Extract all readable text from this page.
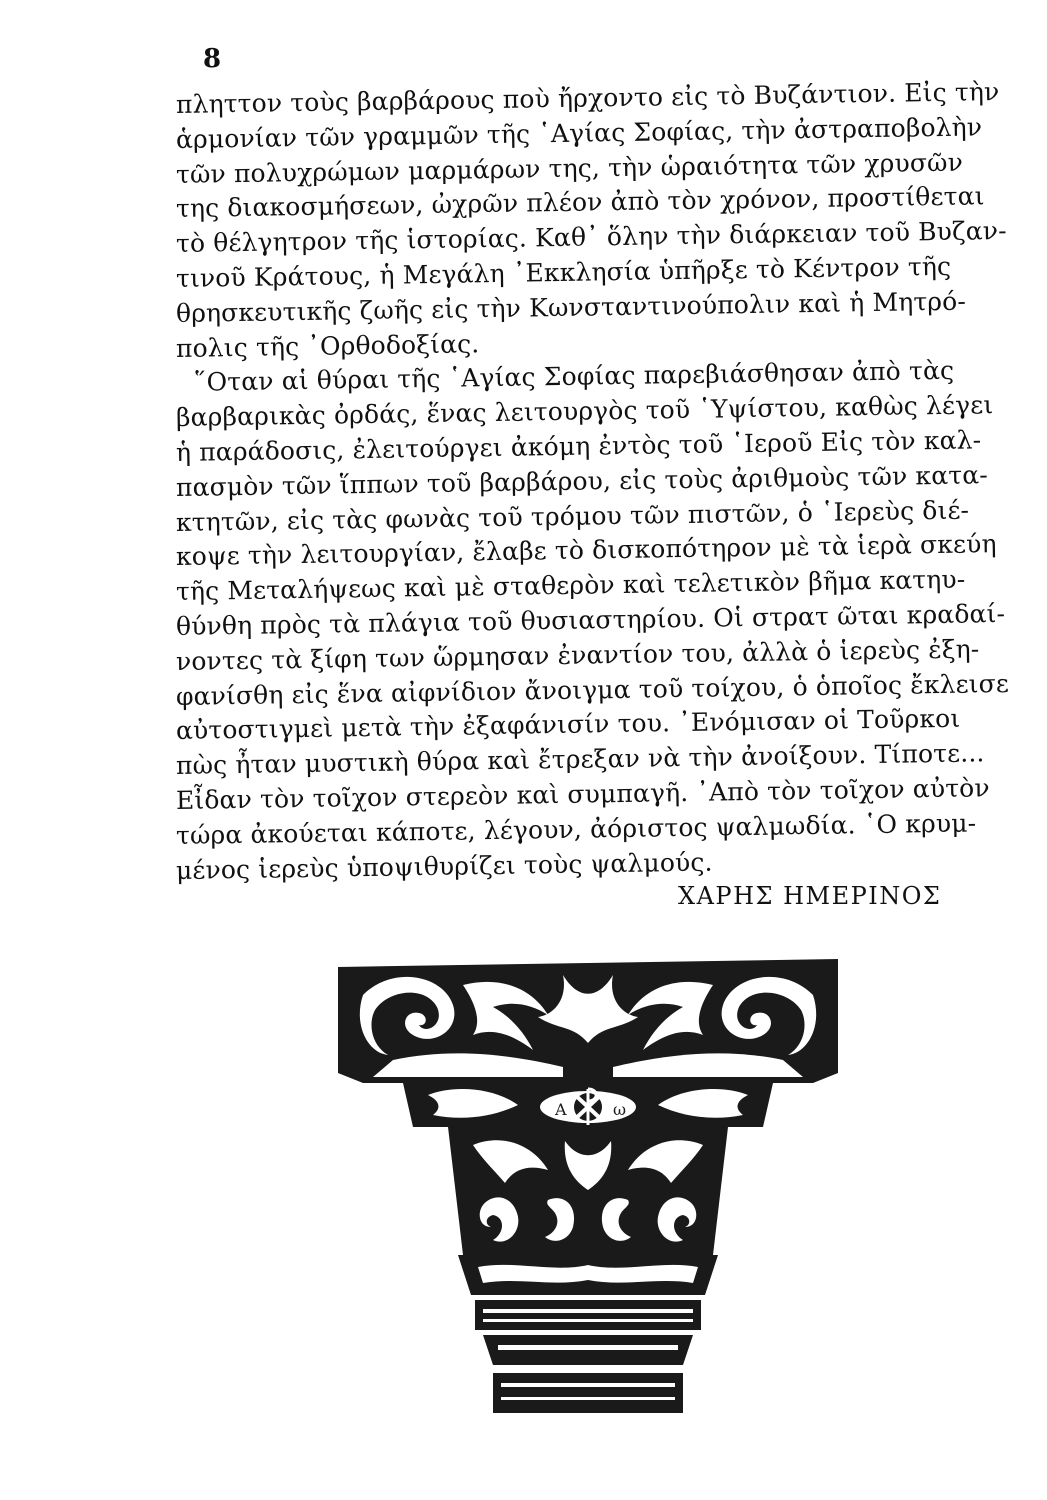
8
πληττον τοὺς βαρβάρους ποὺ ἤρχοντο εἰς τὸ Βυζάντιον. Εἰς τὴν
ἁρμονίαν τῶν γραμμῶν τῆς ῾Αγίας Σοφίας, τὴν ἀστραποβολὴν
τῶν πολυχρώμων μαρμάρων της, τὴν ὡραιότητα τῶν χρυσῶν
της διακοσμήσεων, ὠχρῶν πλέον ἀπὸ τὸν χρόνον, προστίθεται
τὸ θέλγητρον τῆς ἱστορίας. Καθ᾿ ὅλην τὴν διάρκειαν τοῦ Βυζαν-
τινοῦ Κράτους, ἡ Μεγάλη ᾿Εκκλησία ὑπῆρξε τὸ Κέντρον τῆς
θρησκευτικῆς ζωῆς εἰς τὴν Κωνσταντινούπολιν καὶ ἡ Μητρό-
πολις τῆς ᾿Ορθοδοξίας.
῞Οταν αἱ θύραι τῆς ῾Αγίας Σοφίας παρεβιάσθησαν ἀπὸ τὰς
βαρβαρικὰς ὀρδάς, ἕνας λειτουργὸς τοῦ ῾Υψίστου, καθὼς λέγει
ἡ παράδοσις, ἐλειτούργει ἀκόμη ἐντὸς τοῦ ῾Ιεροῦ Εἰς τὸν καλ-
πασμὸν τῶν ἵππων τοῦ βαρβάρου, εἰς τοὺς ἀριθμοὺς τῶν κατα-
κτητῶν, εἰς τὰς φωνὰς τοῦ τρόμου τῶν πιστῶν, ὁ ῾Ιερεὺς διέ-
κοψε τὴν λειτουργίαν, ἔλαβε τὸ δισκοπότηρον μὲ τὰ ἱερὰ σκεύη
τῆς Μεταλήψεως καὶ μὲ σταθερὸν καὶ τελετικὸν βῆμα κατηυ-
θύνθη πρὸς τὰ πλάγια τοῦ θυσιαστηρίου. Οἱ στρατ ῶται κραδαί-
νοντες τὰ ξίφη των ὥρμησαν ἐναντίον του, ἀλλὰ ὁ ἱερεὺς ἐξη-
φανίσθη εἰς ἕνα αἰφνίδιον ἄνοιγμα τοῦ τοίχου, ὁ ὁποῖος ἔκλεισε
αὐτοστιγμεὶ μετὰ τὴν ἐξαφάνισίν του. ᾿Ενόμισαν οἱ Τοῦρκοι
πὼς ἦταν μυστικὴ θύρα καὶ ἔτρεξαν νὰ τὴν ἀνοίξουν. Τίποτε...
Εἶδαν τὸν τοῖχον στερεὸν καὶ συμπαγῆ. ᾿Απὸ τὸν τοῖχον αὐτὸν
τώρα ἀκούεται κάποτε, λέγουν, ἀόριστος ψαλμωδία. ῾Ο κρυμ-
μένος ἱερεὺς ὑποψιθυρίζει τοὺς ψαλμούς.
ΧΑΡΗΣ ΗΜΕΡΙΝΟΣ
Α	ω
